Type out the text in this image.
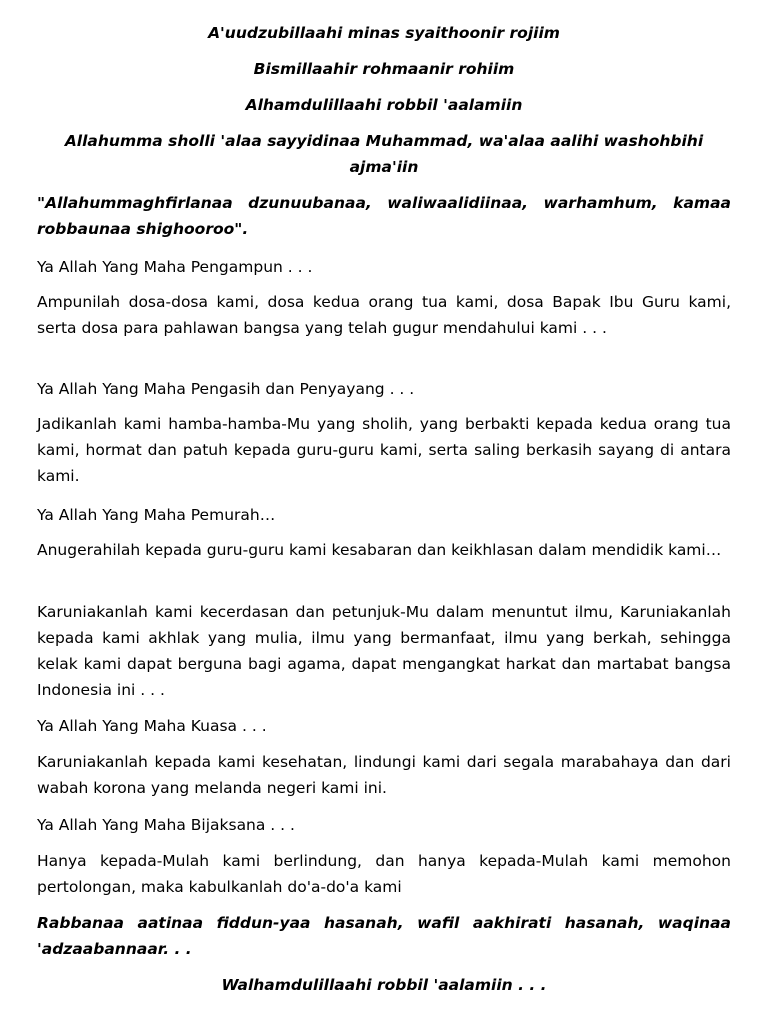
A'uudzubillaahi minas syaithoonir rojiim

Bismillaahir rohmaanir rohiim

Alhamdulillaahi robbil 'aalamiin

Allahumma sholli 'alaa sayyidinaa Muhammad, wa'alaa aalihi washohbihi ajma'iin

"Allahummaghfirlanaa dzunuubanaa, waliwaalidiinaa, warhamhum, kamaa robbaunaa shighooroo".

Ya Allah Yang Maha Pengampun . . .

Ampunilah dosa-dosa kami, dosa kedua orang tua kami, dosa Bapak Ibu Guru kami, serta dosa para pahlawan bangsa yang telah gugur mendahului kami . . .

Ya Allah Yang Maha Pengasih dan Penyayang . . .

Jadikanlah kami hamba-hamba-Mu yang sholih, yang berbakti kepada kedua orang tua kami, hormat dan patuh kepada guru-guru kami, serta saling berkasih sayang di antara kami.

Ya Allah Yang Maha Pemurah…

Anugerahilah kepada guru-guru kami kesabaran dan keikhlasan dalam mendidik kami…

Karuniakanlah kami kecerdasan dan petunjuk-Mu dalam menuntut ilmu, Karuniakanlah kepada kami akhlak yang mulia, ilmu yang bermanfaat, ilmu yang berkah, sehingga kelak kami dapat berguna bagi agama, dapat mengangkat harkat dan martabat bangsa Indonesia ini . . .

Ya Allah Yang Maha Kuasa . . .

Karuniakanlah kepada kami kesehatan, lindungi kami dari segala marabahaya dan dari wabah korona yang melanda negeri kami ini.

Ya Allah Yang Maha Bijaksana . . .

Hanya kepada-Mulah kami berlindung, dan hanya kepada-Mulah kami memohon pertolongan, maka kabulkanlah do'a-do'a kami

Rabbanaa aatinaa fiddun-yaa hasanah, wafil aakhirati hasanah, waqinaa 'adzaabannaar. . .

Walhamdulillaahi robbil 'aalamiin . . .
